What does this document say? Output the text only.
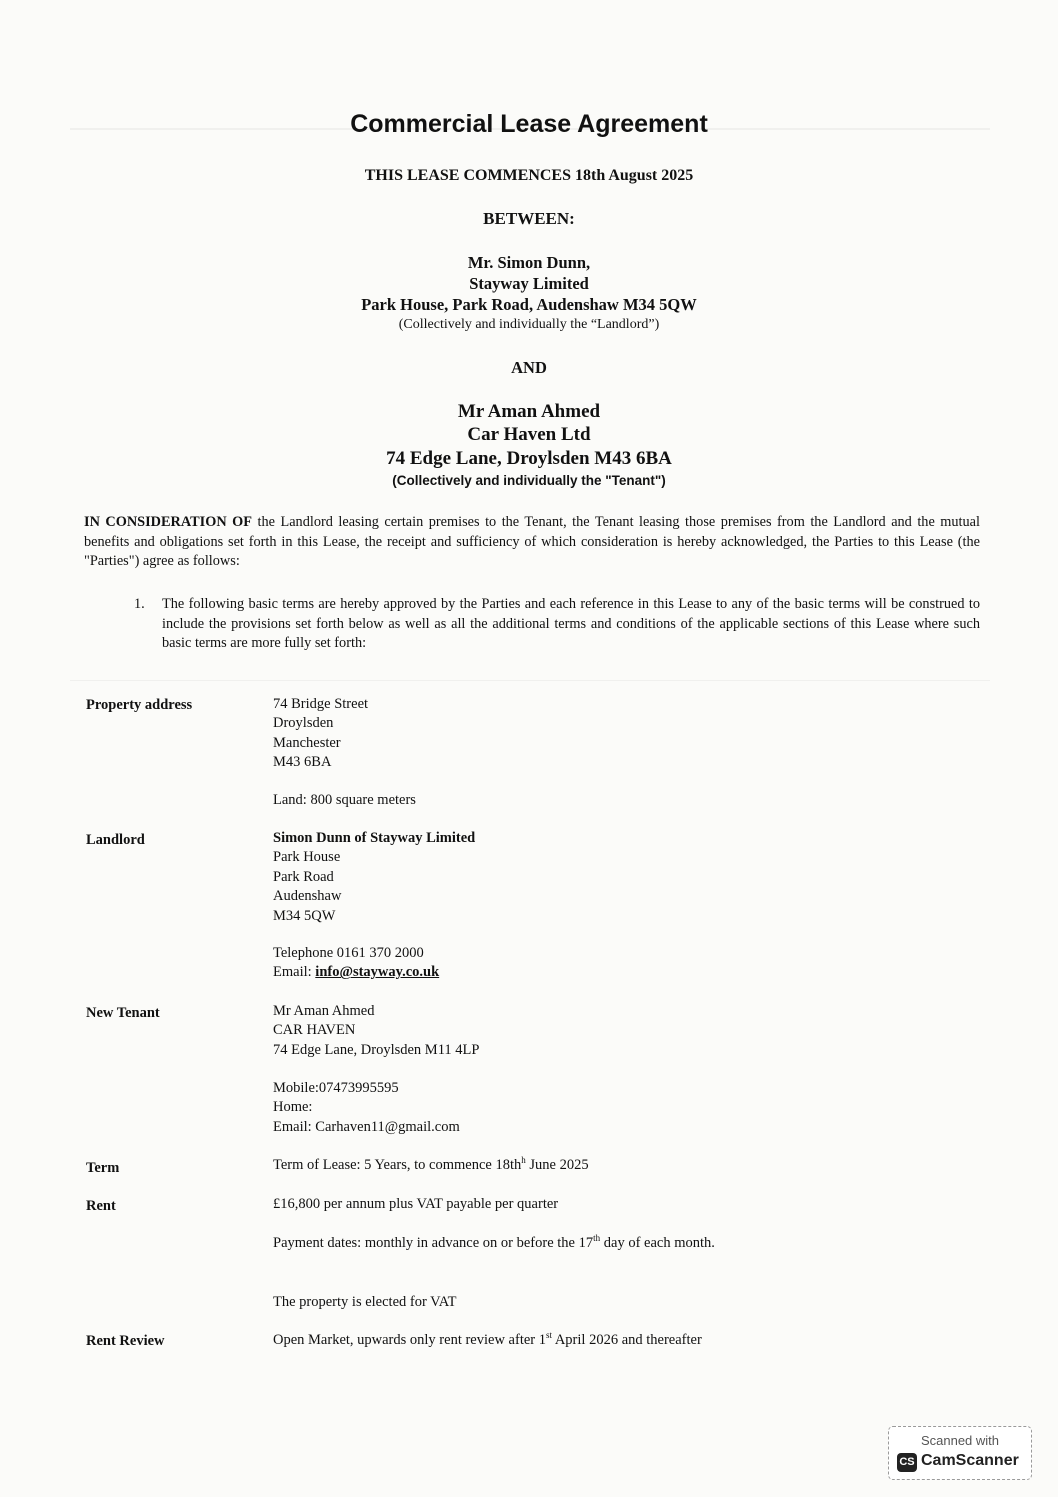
Commercial Lease Agreement
THIS LEASE COMMENCES 18th August 2025
BETWEEN:
Mr. Simon Dunn,
Stayway Limited
Park House, Park Road, Audenshaw M34 5QW
(Collectively and individually the “Landlord”)
AND
Mr Aman Ahmed
Car Haven Ltd
74 Edge Lane, Droylsden M43 6BA
(Collectively and individually the "Tenant")
IN CONSIDERATION OF the Landlord leasing certain premises to the Tenant, the Tenant leasing those premises from the Landlord and the mutual benefits and obligations set forth in this Lease, the receipt and sufficiency of which consideration is hereby acknowledged, the Parties to this Lease (the "Parties") agree as follows:
1.	The following basic terms are hereby approved by the Parties and each reference in this Lease to any of the basic terms will be construed to include the provisions set forth below as well as all the additional terms and conditions of the applicable sections of this Lease where such basic terms are more fully set forth:
Property address	74 Bridge Street
Droylsden
Manchester
M43 6BA
Land: 800 square meters
Landlord	Simon Dunn of Stayway Limited
Park House
Park Road
Audenshaw
M34 5QW
Telephone 0161 370 2000
Email: info@stayway.co.uk
New Tenant	Mr Aman Ahmed
CAR HAVEN
74 Edge Lane, Droylsden M11 4LP
Mobile:07473995595
Home:
Email: Carhaven11@gmail.com
Term	Term of Lease: 5 Years, to commence $18th^h$ June 2025
Rent	£16,800 per annum plus VAT payable per quarter
Payment dates: monthly in advance on or before the 17th day of each month.
The property is elected for VAT
Rent Review	Open Market, upwards only rent review after 1st April 2026 and thereafter
Scanned with
CS CamScanner
